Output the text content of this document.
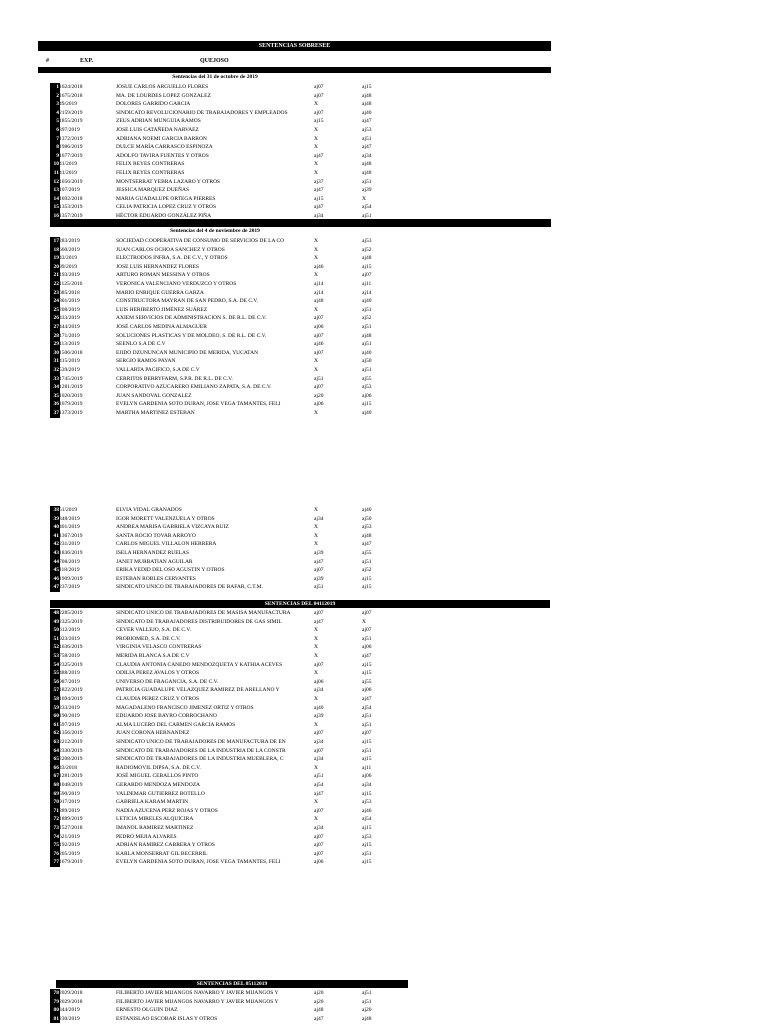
SENTENCIAS SOBRESEE
#	EXP.	QUEJOSO
Sentencias del 31 de octubre de 2019
1 1624/2018	JOSUE CARLOS ARGUELLO FLORES	aj07	aj15
2 1675/2018	MA. DE LOURDES LOPEZ GONZALEZ	aj07	aj48
3 49/2019	DOLORES GARRIDO GARCIA	X	aj48
4 2159/2019	SINDICATO REVOLUCIONARIO DE TRABAJADORES Y EMPLEADOS	aj07	aj40
5 1855/2019	ZEUS ADRIAN MUNGUIA RAMOS	aj15	aj47
6 397/2019	JOSE LUIS CATAÑEDA NARVAEZ	X	aj53
7 1372/2019	ADRIANA NOEMI GARCIA BARRON	X	aj51
8 1986/2019	DULCE MARÍA CARRASCO ESPINOZA	X	aj47
9 1677/2019	ADOLFO TAVIRA FUENTES Y OTROS	aj47	aj34
10 41/2019	FELIX REYES CONTRERAS	X	aj48
11 41/2019	FELIX REYES CONTRERAS	X	aj48
12 1056/2019	MONTSERRAT YEBRA LAZARO Y OTROS	aj37	aj51
13 107/2019	JESSICA MARQUEZ DUEÑAS	aj47	aj39
14 1692/2018	MARIA GUADALUPE ORTEGA PIERRES	aj15	X
15 1353/2019	CELIA PATRICIA LOPEZ CRUZ Y OTROS	aj47	aj54
16 1357/2019	HÉCTOR EDUARDO GONZÁLEZ PIÑA	aj34	aj51
Sentencias del 4 de noviembre de 2019
17 283/2019	SOCIEDAD COOPERATIVA DE CONSUMO DE SERVICIOS DE LA CO	X	aj53
18 660/2019	JUAN CARLOS OCHOA SANCHEZ Y OTROS	X	aj52
19 43/2019	ELECTRODOS INFRA, S.A. DE C.V., Y OTROS	X	aj48
20 99/2019	JOSE LUIS HERNANDEZ FLORES	aj46	aj15
21 193/2019	ARTURO ROMAN MESSINA Y OTROS	X	aj07
22 1125/2016	VERONICA VALENCIANO VERDUZCO Y OTROS	aj14	aj11
23 685/2018	MARIO ENRIQUE GUERRA GARZA	aj14	aj14
24 801/2019	CONSTRUCTORA MAYRAN DE SAN PEDRO, S.A. DE C.V.	aj48	aj40
25 208/2019	LUIS HERIBERTO JIMÉNEZ SUÁREZ	X	aj51
26 433/2019	AXIEM SERVICIOS DE ADMINISTRACION S. DE R.L. DE C.V.	aj07	aj52
27 444/2019	JOSÉ CARLOS MEDINA ALMAGUER	aj06	aj51
28 171/2019	SOLUCIONES PLASTICAS Y DE MOLDEO, S. DE R.L. DE C.V.	aj07	aj48
29 113/2019	SEENLO S.A DE C.V	aj46	aj51
30 1506/2018	EJIDO DZUNUNCAN MUNICIPIO DE MERIDA, YUCATAN	aj07	aj40
31 415/2019	SERGIO RAMOS PAYAN	X	aj50
32 539/2019	VALLARTA PACIFICO, S.A DE C.V	X	aj51
33 1745/2019	CERRITOS BERRYFARM, S.P.R. DE R.L. DE C.V.	aj51	aj55
34 1281/2019	CORPORATIVO AZUCARERO EMILIANO ZAPATA, S.A. DE C.V.	aj07	aj53
35 1020/2019	JUAN SANDOVAL GONZALEZ	aj20	aj06
36 1679/2019	EVELYN GARDENIA SOTO DURAN, JOSE VEGA TAMANTES, FELI	aj06	aj15
37 1373/2019	MARTHA MARTINEZ ESTEBAN	X	aj40
38 51/2019	ELVIA VIDAL GRANADOS	X	aj40
39 348/2019	IGOR MORETT VALENZUELA Y OTROS	aj34	aj50
40 401/2019	ANDREA MARISA GABRIELA VIZCAYA RUIZ	X	aj53
41 1367/2019	SANTA ROCIO TOVAR ARROYO	X	aj48
42 231/2019	CARLOS MIGUEL VILLALON HERRERA	X	aj47
43 1836/2019	ISELA HERNANDEZ RUELAS	aj39	aj55
44 708/2019	JANET MURBATIAN AGUILAR	aj47	aj51
45 118/2019	ERIKA YEDID DEL OSO AGUSTIN Y OTROS	aj07	aj52
46 1909/2019	ESTEBAN ROBLES CERVANTES	aj39	aj15
47 237/2019	SINDICATO UNICO DE TRABAJADORES DE BAFAR, C.T.M.	aj51	aj15
SENTENCIAS DEL 04112019
48 2285/2019	SINDICATO UNICO DE TRABAJADORES DE MASISA MANUFACTURA	aj07	aj07
49 2325/2019	SINDICATO DE TRABAJADORES DISTRIBUIDORES DE GAS SIMIL	aj47	X
50 612/2019	CEVER VALLEJO, S.A. DE C.V.	X	aj07
51 923/2019	PROBIOMED, S.A. DE C.V.	X	aj51
52 1636/2019	VIRGINIA VELASCO CONTRERAS	X	aj06
53 758/2019	MERIDA BLANCA S.A DE C.V	X	aj47
54 2325/2019	CLAUDIA ANTONIA CANEDO MENDOZQUETA Y KATHIA ACEVES	aj07	aj15
55 488/2019	ODILIA PEREZ AVALOS Y OTROS	X	aj15
56 987/2019	UNIVERSO DE FRAGANCIA, S.A. DE C.V.	aj06	aj55
57 1822/2019	PATRICIA GUADALUPE VELAZQUEZ RAMIREZ DE ARELLANO Y	aj34	aj06
58 1694/2019	CLAUDIA PEREZ CRUZ Y OTROS	X	aj47
59 233/2019	MAGADALENO FRANCISCO JIMENEZ ORTIZ Y OTROS	aj40	aj54
60 190/2019	EDUARDO JOSE BAYRO CORROCHANO	aj39	aj51
61 597/2019	ALMA LUCERO DEL CARMEN GARCIA RAMOS	X	aj51
62 1356/2019	JUAN CORONA HERNANDEZ	aj07	aj07
63 2212/2019	SINDICATO UNICO DE TRABAJADORES DE MANUFACTURA DE EN	aj34	aj15
64 2330/2019	SINDICATO DE TRABAJADORES DE LA INDUSTRIA DE LA CONSTR	aj07	aj51
65 2208/2019	SINDICATO DE TRABAJADORES DE LA INDUSTRIA MUEBLERA, C	aj34	aj15
66 43/2018	RADIOMOVIL DIPSA, S.A. DE C.V.	X	aj11
67 1281/2019	JOSÉ MIGUEL CEBALLOS PINTO	aj51	aj06
68 1048/2019	GERARDO MENDOZA MENDOZA	aj54	aj34
69 590/2019	VALDEMAR GUTIERREZ BOTELLO	aj47	aj15
70 917/2019	GABRIELA KARAM MARTIN	X	aj53
71 289/2019	NADIA AZUCENA PERZ ROJAS Y OTROS	aj07	aj46
72 1889/2019	LETICIA MIRELES ALQUICIRA	X	aj54
73 1527/2018	IMANOL RAMIREZ MARTINEZ	aj34	aj15
74 621/2019	PEDRO MEJIA ALVARES	aj07	aj53
75 192/2019	ADRIAN RAMIREZ CABRERA Y OTROS	aj07	aj15
76 205/2019	KARLA MONSERRAT GIL BECERRIL	aj07	aj51
77 1679/2019	EVELYN GARDENIA SOTO DURAN, JOSE VEGA TAMANTES, FELI	aj06	aj15
SENTENCIAS DEL 05112019
78 2029/2018	FILIBERTO JAVIER MIJANGOS NAVARRO Y JAVIER MIJANGOS Y	aj20	aj51
79 2029/2018	FILIBERTO JAVIER MIJANGOS NAVARRO Y JAVIER MIJANGOS Y	aj20	aj51
80 344/2019	ERNESTO OLGUIN DIAZ	aj48	aj20
81 230/2019	ESTANISLAO ESCOBAR ISLAS Y OTROS	aj47	aj48
